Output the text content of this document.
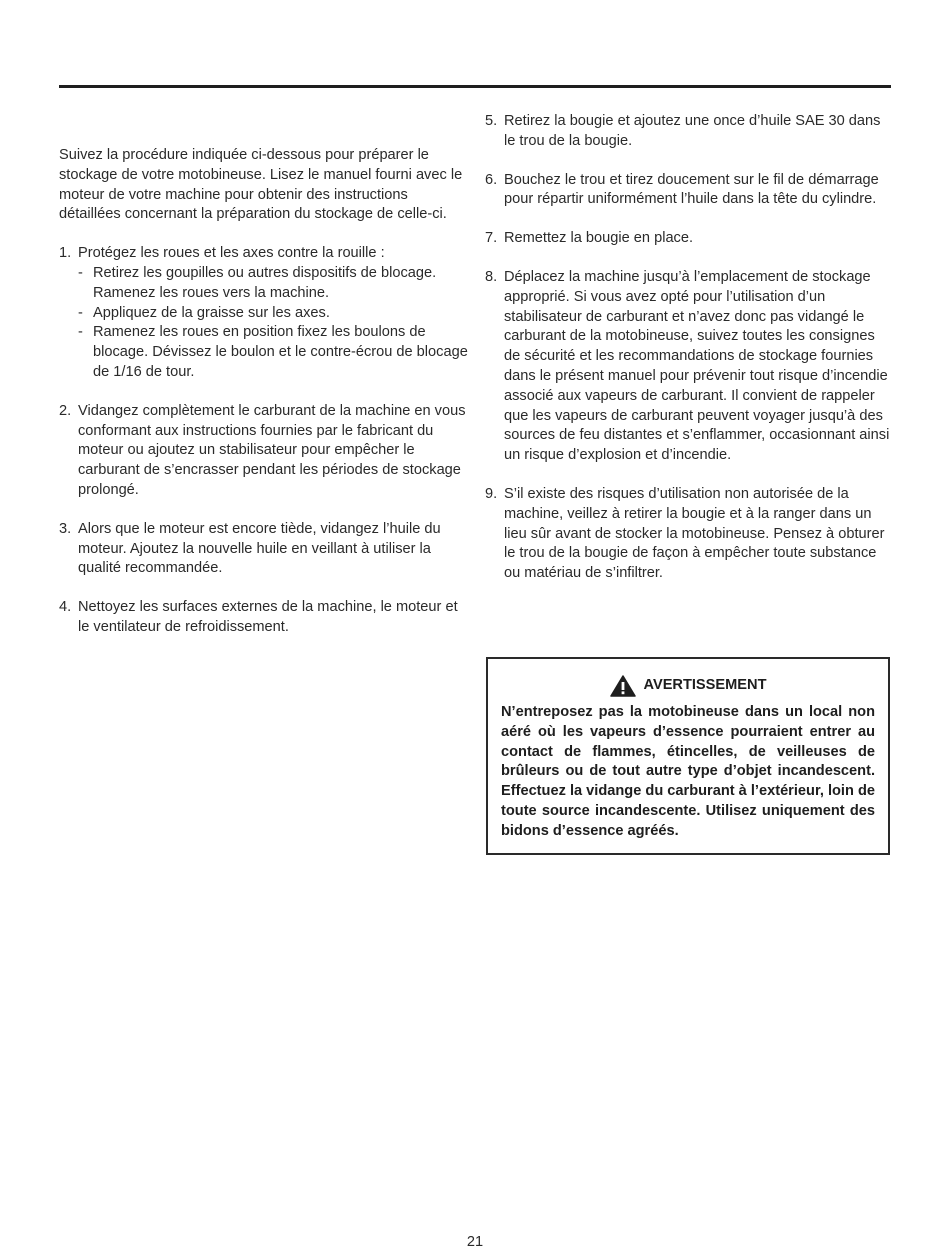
Suivez la procédure indiquée ci-dessous pour préparer le stockage de votre motobineuse. Lisez le manuel fourni avec le moteur de votre machine pour obtenir des instructions détaillées concernant la préparation du stockage de celle-ci.

1. Protégez les roues et les axes contre la rouille :
- Retirez les goupilles ou autres dispositifs de blocage. Ramenez les roues vers la machine.
- Appliquez de la graisse sur les axes.
- Ramenez les roues en position fixez les boulons de blocage. Dévissez le boulon et le contre-écrou de blocage de 1/16 de tour.
2. Vidangez complètement le carburant de la machine en vous conformant aux instructions fournies par le fabricant du moteur ou ajoutez un stabilisateur pour empêcher le carburant de s’encrasser pendant les périodes de stockage prolongé.
3. Alors que le moteur est encore tiède, vidangez l’huile du moteur. Ajoutez la nouvelle huile en veillant à utiliser la qualité recommandée.
4. Nettoyez les surfaces externes de la machine, le moteur et le ventilateur de refroidissement.
5. Retirez la bougie et ajoutez une once d’huile SAE 30 dans le trou de la bougie.
6. Bouchez le trou et tirez doucement sur le fil de démarrage pour répartir uniformément l’huile dans la tête du cylindre.
7. Remettez la bougie en place.
8. Déplacez la machine jusqu’à l’emplacement de stockage approprié. Si vous avez opté pour l’utilisation d’un stabilisateur de carburant et n’avez donc pas vidangé le carburant de la motobineuse, suivez toutes les consignes de sécurité et les recommandations de stockage fournies dans le présent manuel pour prévenir tout risque d’incendie associé aux vapeurs de carburant. Il convient de rappeler que les vapeurs de carburant peuvent voyager jusqu’à des sources de feu distantes et s’enflammer, occasionnant ainsi un risque d’explosion et d’incendie.
9. S’il existe des risques d’utilisation non autorisée de la machine, veillez à retirer la bougie et à la ranger dans un lieu sûr avant de stocker la motobineuse. Pensez à obturer le trou de la bougie de façon à empêcher toute substance ou matériau de s’infiltrer.
AVERTISSEMENT
N’entreposez pas la motobineuse dans un local non aéré où les vapeurs d’essence pourraient entrer au contact de flammes, étincelles, de veilleuses de brûleurs ou de tout autre type d’objet incandescent. Effectuez la vidange du carburant à l’extérieur, loin de toute source incandescente. Utilisez uniquement des bidons d’essence agréés.
21
